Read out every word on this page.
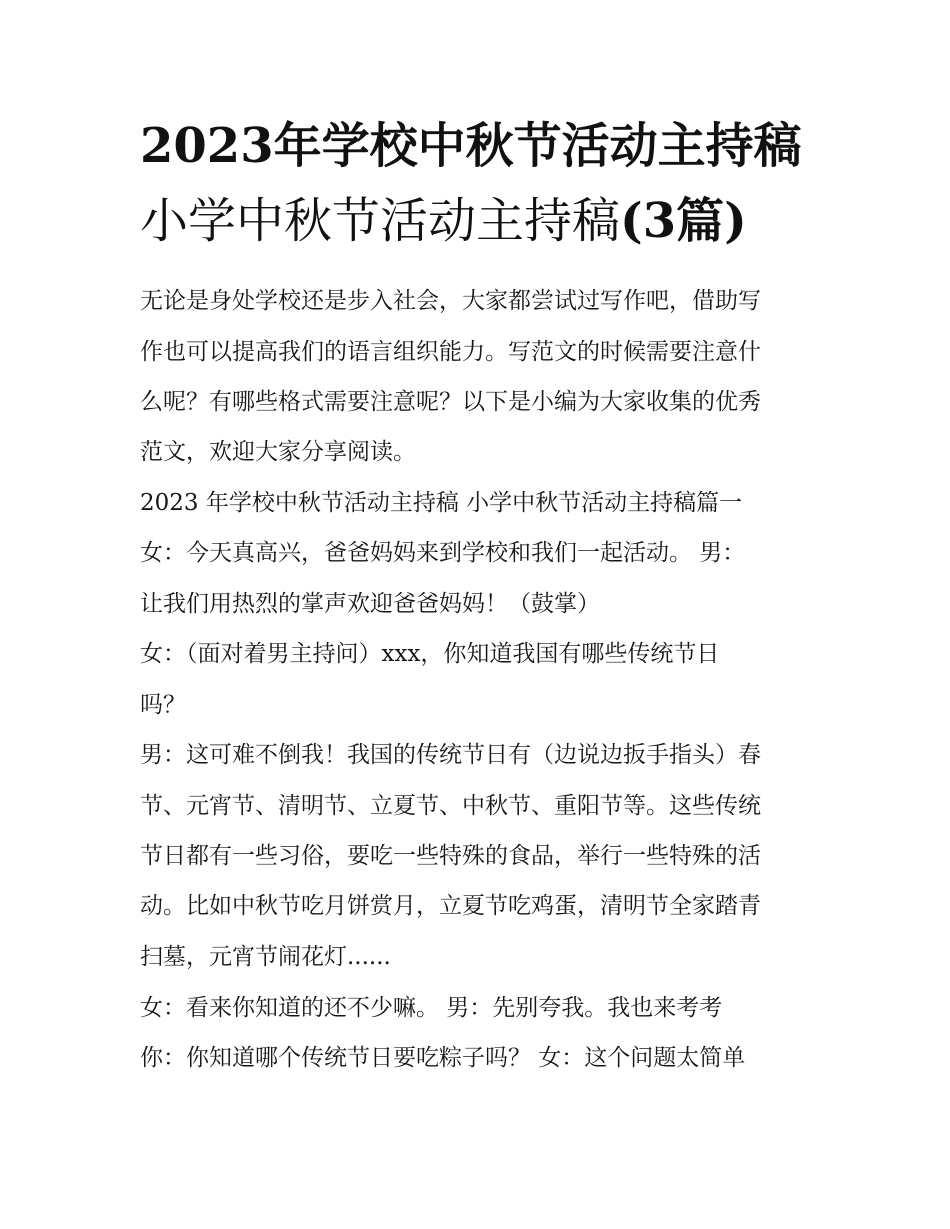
2023年学校中秋节活动主持稿
小学中秋节活动主持稿(3篇)
无论是身处学校还是步入社会，大家都尝试过写作吧，借助写
作也可以提高我们的语言组织能力。写范文的时候需要注意什
么呢？有哪些格式需要注意呢？以下是小编为大家收集的优秀
范文，欢迎大家分享阅读。
2023 年学校中秋节活动主持稿 小学中秋节活动主持稿篇一
女：今天真高兴，爸爸妈妈来到学校和我们一起活动。 男：
让我们用热烈的掌声欢迎爸爸妈妈！（鼓掌）
女：（面对着男主持问）xxx，你知道我国有哪些传统节日
吗？
男：这可难不倒我！我国的传统节日有（边说边扳手指头）春
节、元宵节、清明节、立夏节、中秋节、重阳节等。这些传统
节日都有一些习俗，要吃一些特殊的食品，举行一些特殊的活
动。比如中秋节吃月饼赏月，立夏节吃鸡蛋，清明节全家踏青
扫墓，元宵节闹花灯......
女：看来你知道的还不少嘛。 男：先别夸我。我也来考考
你：你知道哪个传统节日要吃粽子吗？ 女：这个问题太简单
